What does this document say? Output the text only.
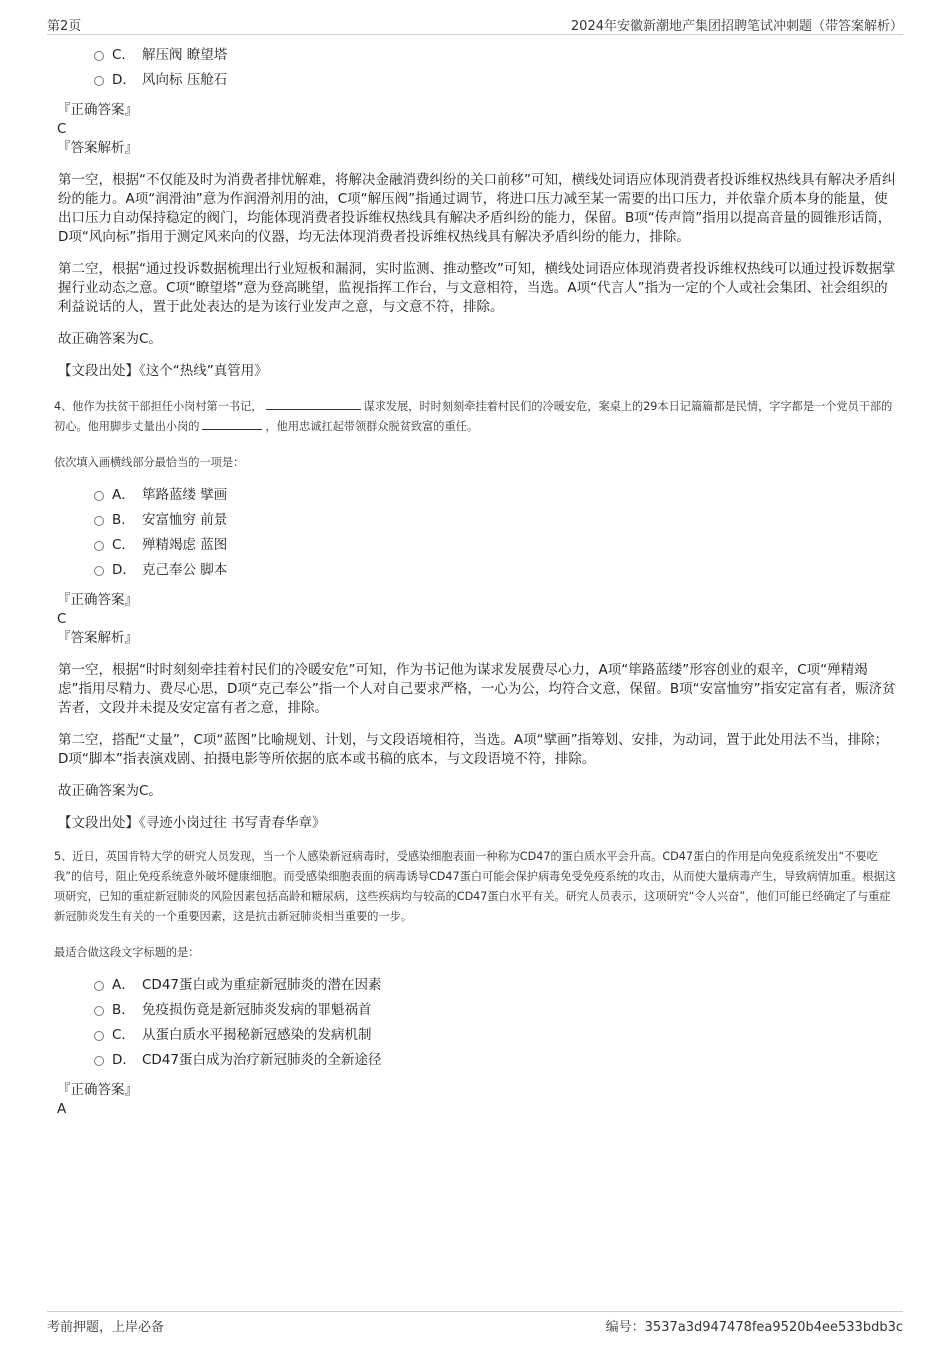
第2页	2024年安徽新潮地产集团招聘笔试冲刺题（带答案解析）
C． 解压阀 瞭望塔
D． 风向标 压舱石
『正确答案』
C
『答案解析』
第一空，根据“不仅能及时为消费者排忧解难，将解决金融消费纠纷的关口前移”可知，横线处词语应体现消费者投诉维权热线具有解决矛盾纠纷的能力。A项“润滑油”意为作润滑剂用的油，C项“解压阀”指通过调节，将进口压力减至某一需要的出口压力，并依靠介质本身的能量，使出口压力自动保持稳定的阀门，均能体现消费者投诉维权热线具有解决矛盾纠纷的能力，保留。B项“传声筒”指用以提高音量的圆锥形话筒，D项“风向标”指用于测定风来向的仪器，均无法体现消费者投诉维权热线具有解决矛盾纠纷的能力，排除。
第二空，根据“通过投诉数据梳理出行业短板和漏洞，实时监测、推动整改”可知，横线处词语应体现消费者投诉维权热线可以通过投诉数据掌握行业动态之意。C项“瞭望塔”意为登高眺望，监视指挥工作台，与文意相符，当选。A项“代言人”指为一定的个人或社会集团、社会组织的利益说话的人，置于此处表达的是为该行业发声之意，与文意不符，排除。
故正确答案为C。
【文段出处】《这个“热线”真管用》
4、他作为扶贫干部担任小岗村第一书记，	谋求发展，时时刻刻牵挂着村民们的冷暖安危，案桌上的29本日记篇篇都是民情，字字都是一个党员干部的初心。他用脚步丈量出小岗的	，他用忠诚扛起带领群众脱贫致富的重任。
依次填入画横线部分最恰当的一项是：
A． 筚路蓝缕 擘画
B． 安富恤穷 前景
C． 殚精竭虑 蓝图
D． 克己奉公 脚本
『正确答案』
C
『答案解析』
第一空，根据“时时刻刻牵挂着村民们的冷暖安危”可知，作为书记他为谋求发展费尽心力，A项“筚路蓝缕”形容创业的艰辛，C项“殚精竭虑”指用尽精力、费尽心思，D项“克己奉公”指一个人对自己要求严格，一心为公，均符合文意，保留。B项“安富恤穷”指安定富有者，赈济贫苦者，文段并未提及安定富有者之意，排除。
第二空，搭配“丈量”，C项“蓝图”比喻规划、计划，与文段语境相符，当选。A项“擘画”指筹划、安排，为动词，置于此处用法不当，排除；D项“脚本”指表演戏剧、拍摄电影等所依据的底本或书稿的底本，与文段语境不符，排除。
故正确答案为C。
【文段出处】《寻迹小岗过往 书写青春华章》
5、近日，英国肯特大学的研究人员发现，当一个人感染新冠病毒时，受感染细胞表面一种称为CD47的蛋白质水平会升高。CD47蛋白的作用是向免疫系统发出“不要吃我”的信号，阻止免疫系统意外破坏健康细胞。而受感染细胞表面的病毒诱导CD47蛋白可能会保护病毒免受免疫系统的攻击，从而使大量病毒产生，导致病情加重。根据这项研究，已知的重症新冠肺炎的风险因素包括高龄和糖尿病，这些疾病均与较高的CD47蛋白水平有关。研究人员表示，这项研究“令人兴奋”，他们可能已经确定了与重症新冠肺炎发生有关的一个重要因素，这是抗击新冠肺炎相当重要的一步。
最适合做这段文字标题的是：
A． CD47蛋白或为重症新冠肺炎的潜在因素
B． 免疫损伤竟是新冠肺炎发病的罪魁祸首
C． 从蛋白质水平揭秘新冠感染的发病机制
D． CD47蛋白成为治疗新冠肺炎的全新途径
『正确答案』
A
考前押题，上岸必备	编号：3537a3d947478fea9520b4ee533bdb3c
